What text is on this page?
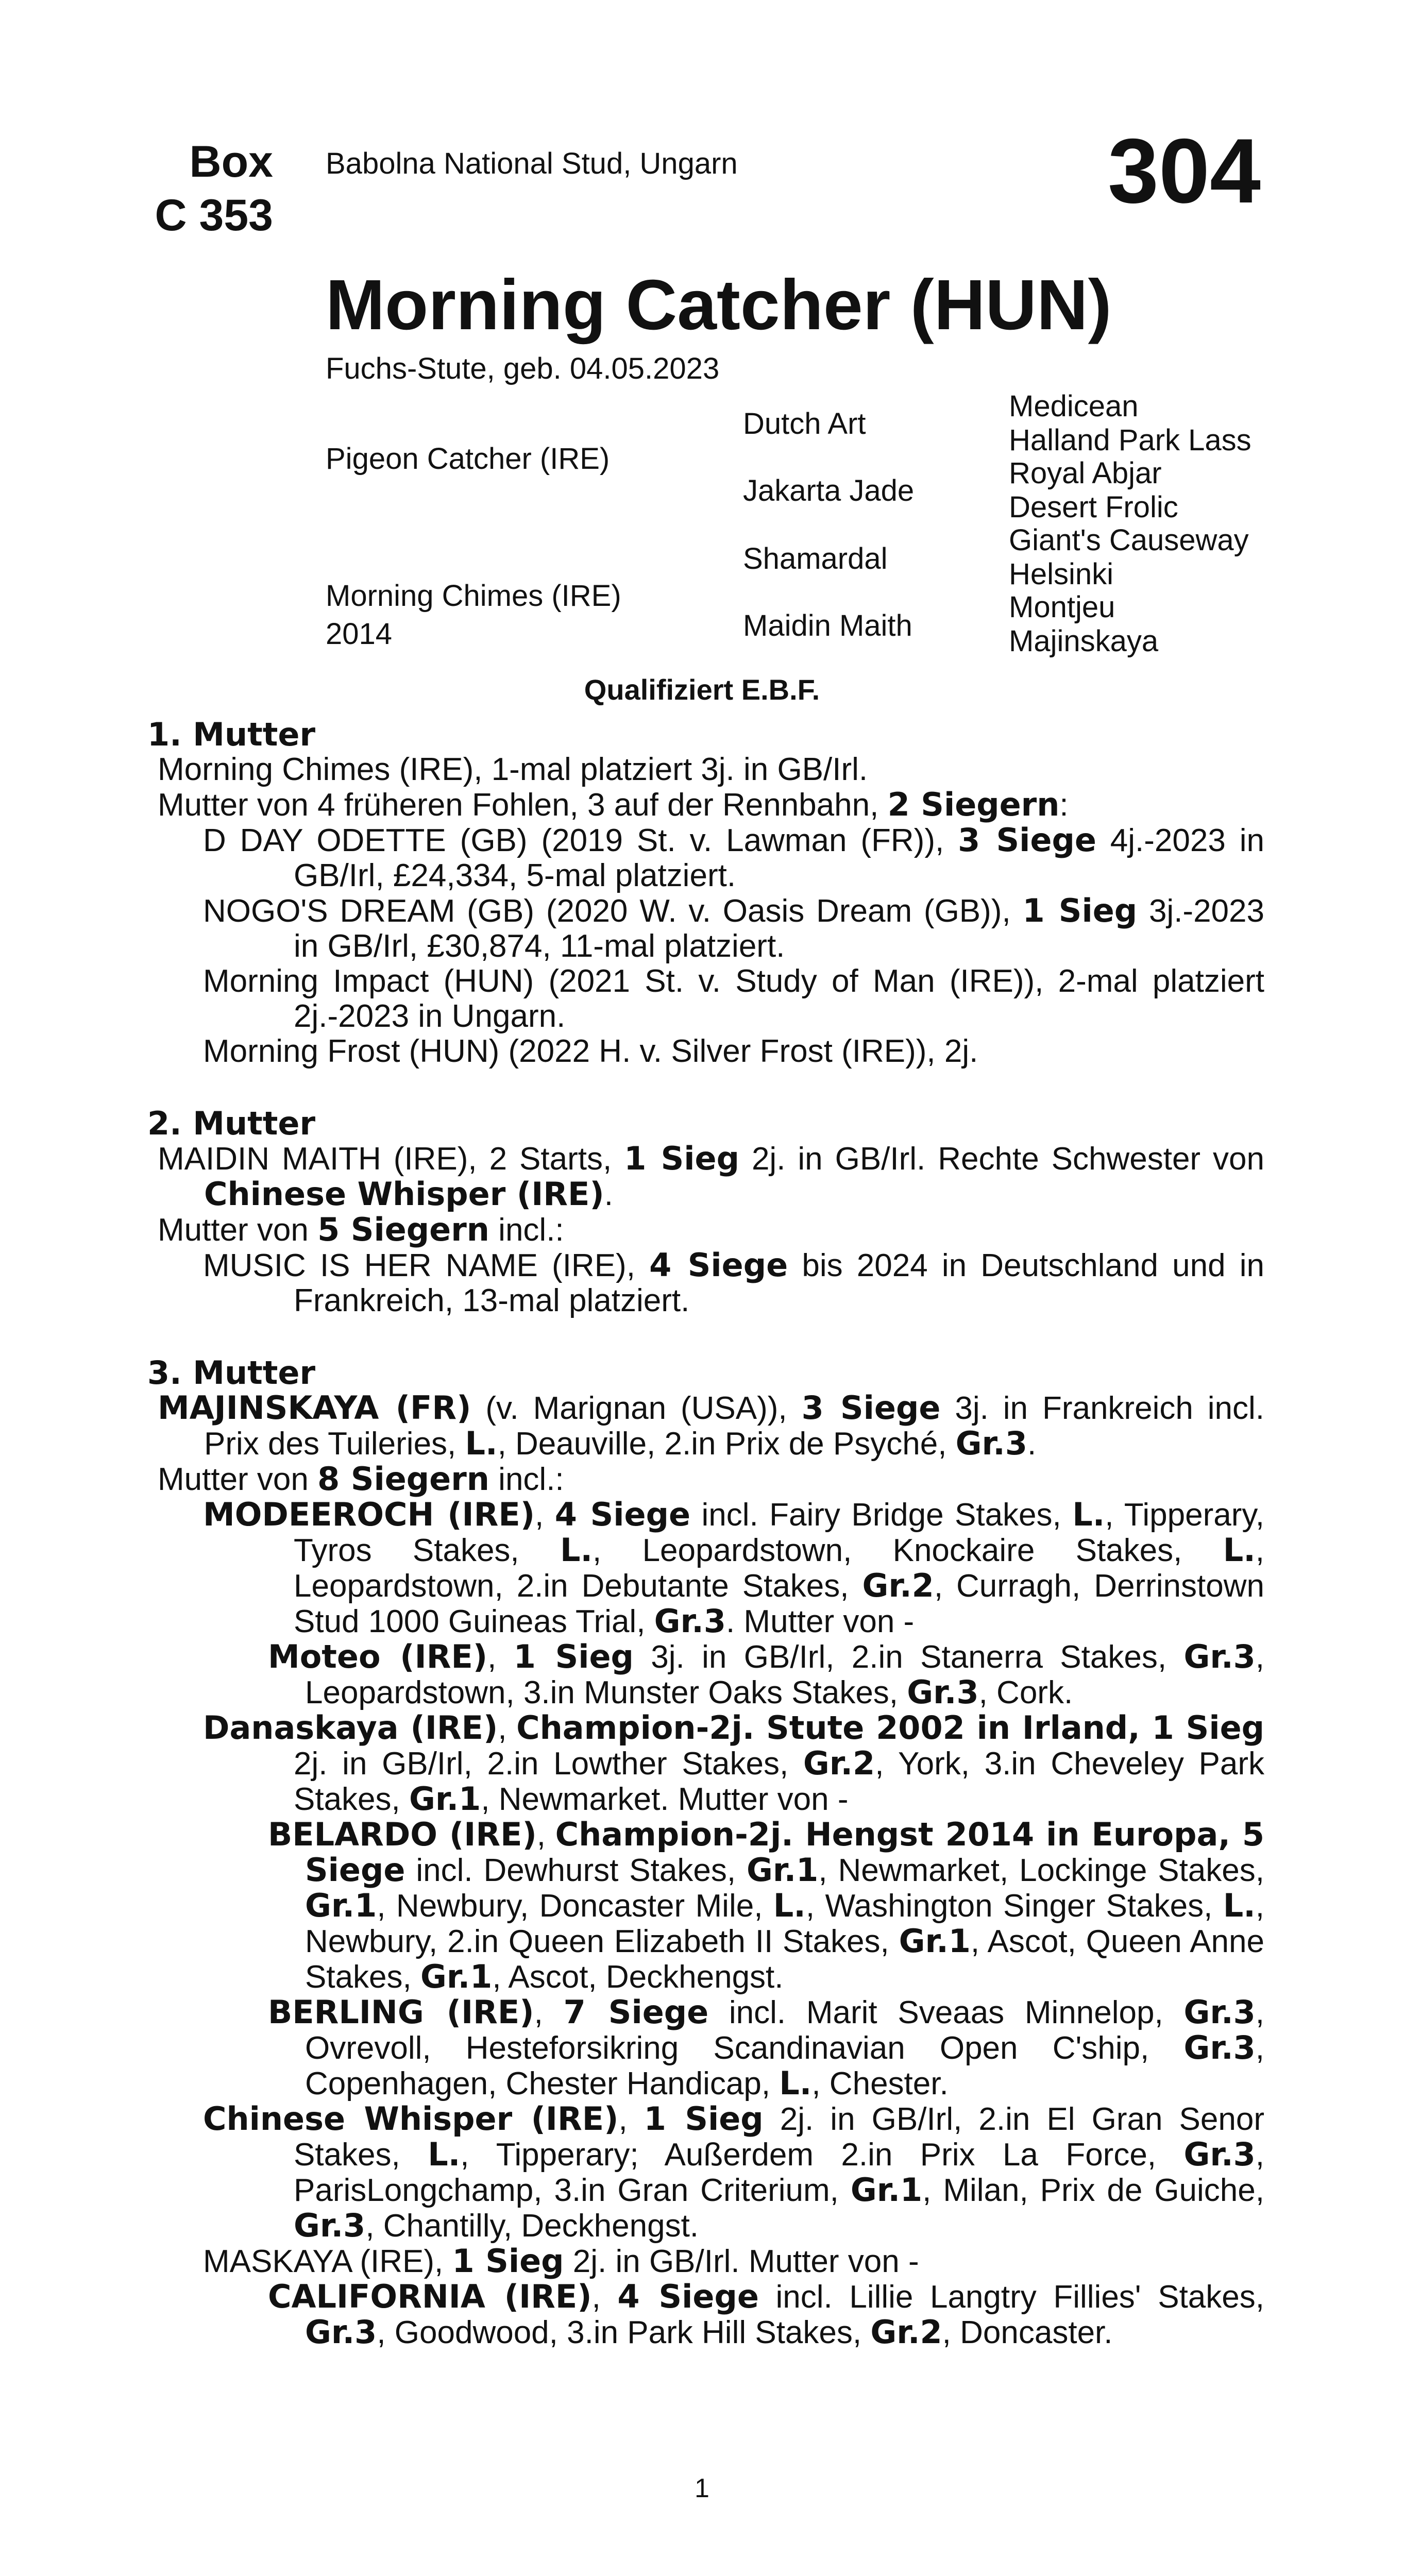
Box
C 353
Babolna National Stud, Ungarn	304
Morning Catcher (HUN)
Fuchs-Stute, geb. 04.05.2023
Pigeon Catcher (IRE)
Morning Chimes (IRE)
2014
Dutch Art
Jakarta Jade
Shamardal
Maidin Maith
Medicean
Halland Park Lass
Royal Abjar
Desert Frolic
Giant's Causeway
Helsinki
Montjeu
Majinskaya
Qualifiziert E.B.F.
1. Mutter
Morning Chimes (IRE), 1-mal platziert 3j. in GB/Irl.
Mutter von 4 früheren Fohlen, 3 auf der Rennbahn, 2 Siegern:
D DAY ODETTE (GB) (2019 St. v. Lawman (FR)), 3 Siege 4j.-2023 in GB/Irl, £24,334, 5-mal platziert.
NOGO'S DREAM (GB) (2020 W. v. Oasis Dream (GB)), 1 Sieg 3j.-2023 in GB/Irl, £30,874, 11-mal platziert.
Morning Impact (HUN) (2021 St. v. Study of Man (IRE)), 2-mal platziert 2j.-2023 in Ungarn.
Morning Frost (HUN) (2022 H. v. Silver Frost (IRE)), 2j.
2. Mutter
MAIDIN MAITH (IRE), 2 Starts, 1 Sieg 2j. in GB/Irl. Rechte Schwester von Chinese Whisper (IRE).
Mutter von 5 Siegern incl.:
MUSIC IS HER NAME (IRE), 4 Siege bis 2024 in Deutschland und in Frankreich, 13-mal platziert.
3. Mutter
MAJINSKAYA (FR) (v. Marignan (USA)), 3 Siege 3j. in Frankreich incl. Prix des Tuileries, L., Deauville, 2.in Prix de Psyché, Gr.3.
Mutter von 8 Siegern incl.:
MODEEROCH (IRE), 4 Siege incl. Fairy Bridge Stakes, L., Tipperary, Tyros Stakes, L., Leopardstown, Knockaire Stakes, L., Leopardstown, 2.in Debutante Stakes, Gr.2, Curragh, Derrinstown Stud 1000 Guineas Trial, Gr.3. Mutter von -
Moteo (IRE), 1 Sieg 3j. in GB/Irl, 2.in Stanerra Stakes, Gr.3, Leopardstown, 3.in Munster Oaks Stakes, Gr.3, Cork.
Danaskaya (IRE), Champion-2j. Stute 2002 in Irland, 1 Sieg 2j. in GB/Irl, 2.in Lowther Stakes, Gr.2, York, 3.in Cheveley Park Stakes, Gr.1, Newmarket. Mutter von -
BELARDO (IRE), Champion-2j. Hengst 2014 in Europa, 5 Siege incl. Dewhurst Stakes, Gr.1, Newmarket, Lockinge Stakes, Gr.1, Newbury, Doncaster Mile, L., Washington Singer Stakes, L., Newbury, 2.in Queen Elizabeth II Stakes, Gr.1, Ascot, Queen Anne Stakes, Gr.1, Ascot, Deckhengst.
BERLING (IRE), 7 Siege incl. Marit Sveaas Minnelop, Gr.3, Ovrevoll, Hesteforsikring Scandinavian Open C'ship, Gr.3, Copenhagen, Chester Handicap, L., Chester.
Chinese Whisper (IRE), 1 Sieg 2j. in GB/Irl, 2.in El Gran Senor Stakes, L., Tipperary; Außerdem 2.in Prix La Force, Gr.3, ParisLongchamp, 3.in Gran Criterium, Gr.1, Milan, Prix de Guiche, Gr.3, Chantilly, Deckhengst.
MASKAYA (IRE), 1 Sieg 2j. in GB/Irl. Mutter von -
CALIFORNIA (IRE), 4 Siege incl. Lillie Langtry Fillies' Stakes, Gr.3, Goodwood, 3.in Park Hill Stakes, Gr.2, Doncaster.
1
